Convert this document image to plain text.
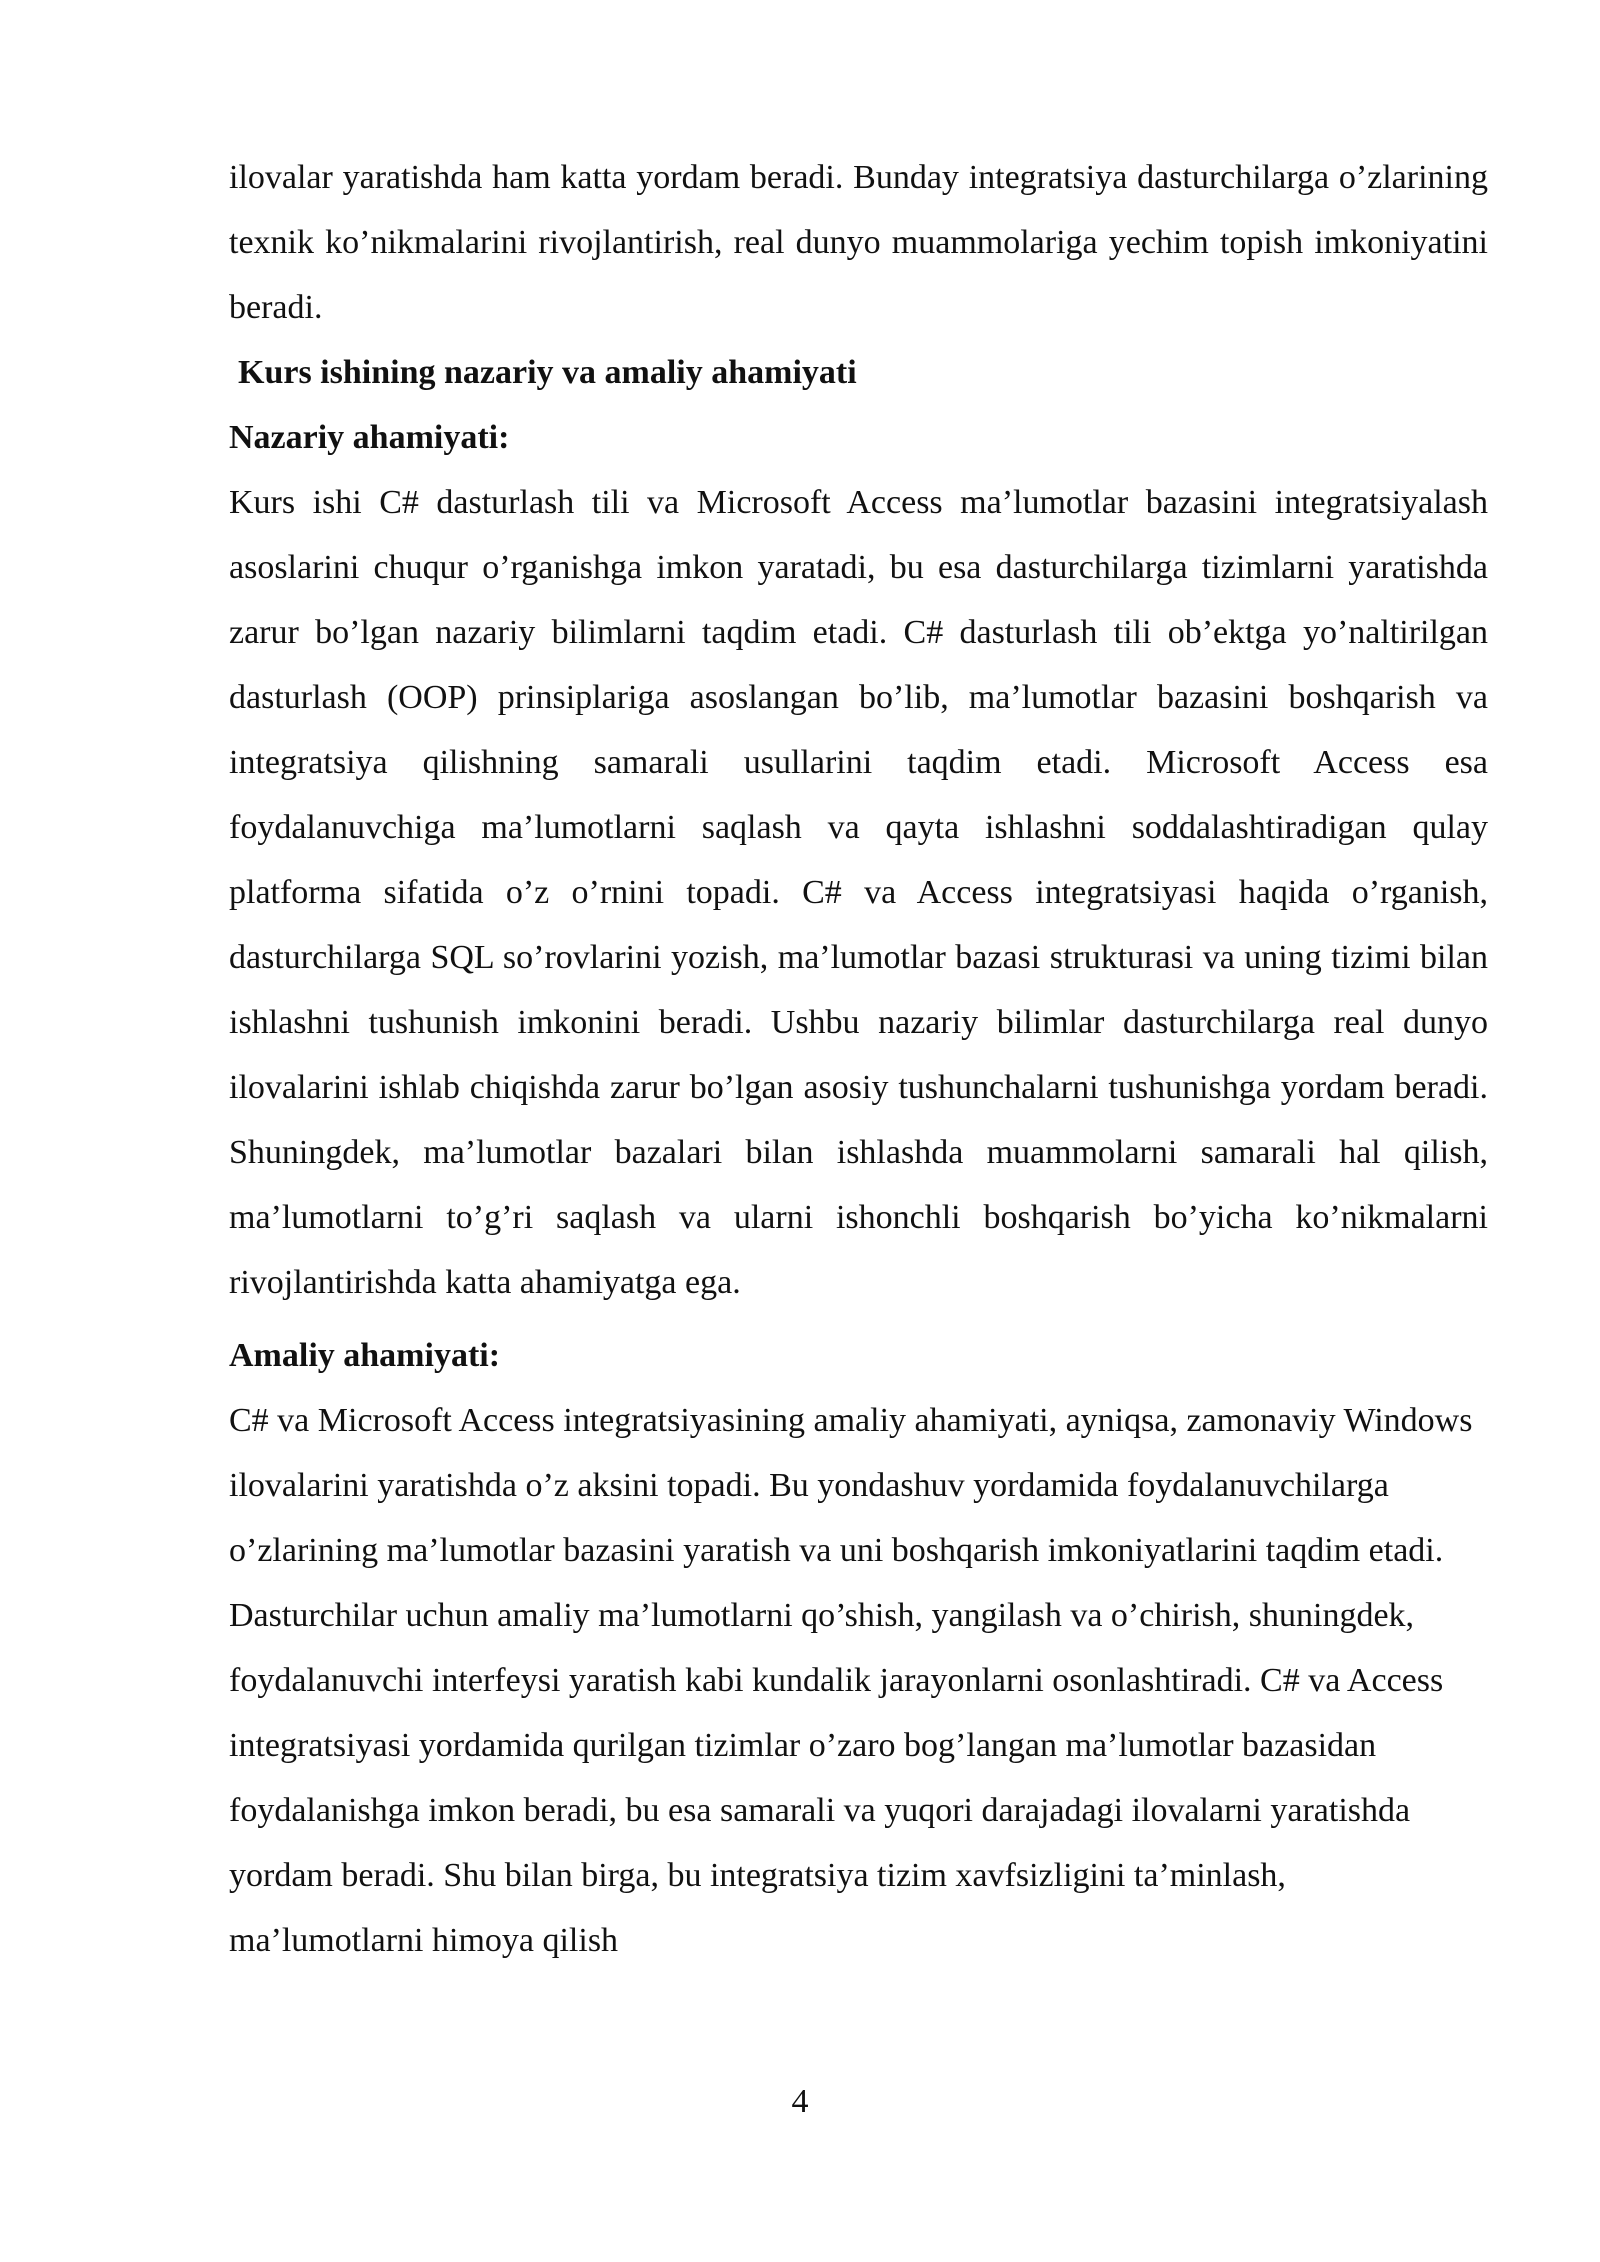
ilovalar yaratishda ham katta yordam beradi. Bunday integratsiya dasturchilarga o’zlarining texnik ko’nikmalarini rivojlantirish, real dunyo muammolariga yechim topish imkoniyatini beradi.

Kurs ishining nazariy va amaliy ahamiyati
Nazariy ahamiyati:

Kurs ishi C# dasturlash tili va Microsoft Access ma’lumotlar bazasini integratsiyalash asoslarini chuqur o’rganishga imkon yaratadi, bu esa dasturchilarga tizimlarni yaratishda zarur bo’lgan nazariy bilimlarni taqdim etadi. C# dasturlash tili ob’ektga yo’naltirilgan dasturlash (OOP) prinsiplariga asoslangan bo’lib, ma’lumotlar bazasini boshqarish va integratsiya qilishning samarali usullarini taqdim etadi. Microsoft Access esa foydalanuvchiga ma’lumotlarni saqlash va qayta ishlashni soddalashtiradigan qulay platforma sifatida o’z o’rnini topadi. C# va Access integratsiyasi haqida o’rganish, dasturchilarga SQL so’rovlarini yozish, ma’lumotlar bazasi strukturasi va uning tizimi bilan ishlashni tushunish imkonini beradi. Ushbu nazariy bilimlar dasturchilarga real dunyo ilovalarini ishlab chiqishda zarur bo’lgan asosiy tushunchalarni tushunishga yordam beradi. Shuningdek, ma’lumotlar bazalari bilan ishlashda muammolarni samarali hal qilish, ma’lumotlarni to’g’ri saqlash va ularni ishonchli boshqarish bo’yicha ko’nikmalarni rivojlantirishda katta ahamiyatga ega.

Amaliy ahamiyati:

C# va Microsoft Access integratsiyasining amaliy ahamiyati, ayniqsa, zamonaviy Windows ilovalarini yaratishda o’z aksini topadi. Bu yondashuv yordamida foydalanuvchilarga o’zlarining ma’lumotlar bazasini yaratish va uni boshqarish imkoniyatlarini taqdim etadi. Dasturchilar uchun amaliy ma’lumotlarni qo’shish, yangilash va o’chirish, shuningdek, foydalanuvchi interfeysi yaratish kabi kundalik jarayonlarni osonlashtiradi. C# va Access integratsiyasi yordamida qurilgan tizimlar o’zaro bog’langan ma’lumotlar bazasidan foydalanishga imkon beradi, bu esa samarali va yuqori darajadagi ilovalarni yaratishda yordam beradi. Shu bilan birga, bu integratsiya tizim xavfsizligini ta’minlash, ma’lumotlarni himoya qilish

4
